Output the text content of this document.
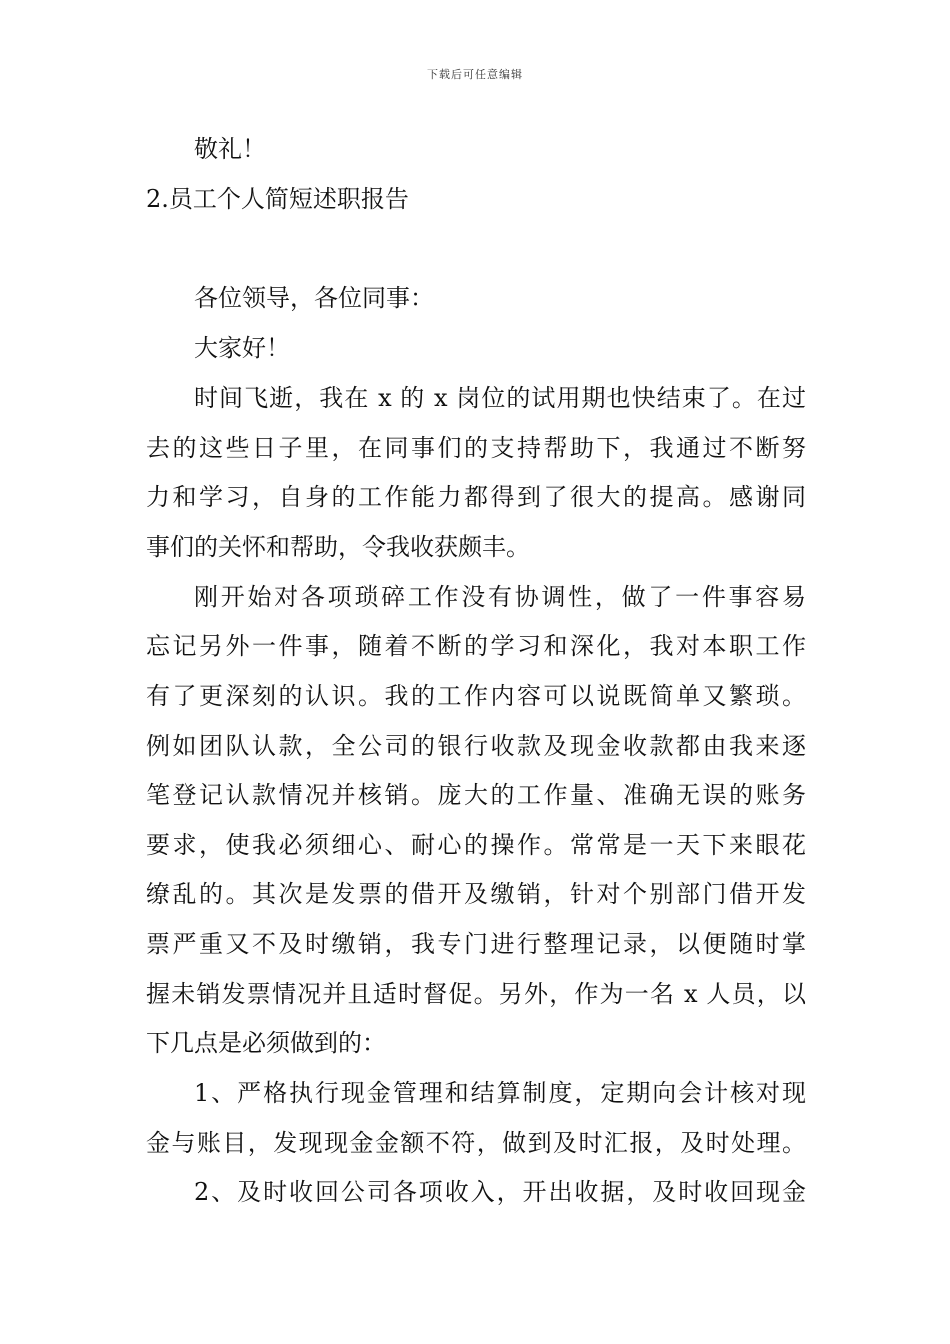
下载后可任意编辑
敬礼！
2.员工个人简短述职报告
各位领导，各位同事：
大家好！
时间飞逝，我在 x 的 x 岗位的试用期也快结束了。在过
去的这些日子里，在同事们的支持帮助下，我通过不断努
力和学习，自身的工作能力都得到了很大的提高。感谢同
事们的关怀和帮助，令我收获颇丰。
刚开始对各项琐碎工作没有协调性，做了一件事容易
忘记另外一件事，随着不断的学习和深化，我对本职工作
有了更深刻的认识。我的工作内容可以说既简单又繁琐。
例如团队认款，全公司的银行收款及现金收款都由我来逐
笔登记认款情况并核销。庞大的工作量、准确无误的账务
要求，使我必须细心、耐心的操作。常常是一天下来眼花
缭乱的。其次是发票的借开及缴销，针对个别部门借开发
票严重又不及时缴销，我专门进行整理记录，以便随时掌
握未销发票情况并且适时督促。另外，作为一名 x 人员，以
下几点是必须做到的：
1、严格执行现金管理和结算制度，定期向会计核对现
金与账目，发现现金金额不符，做到及时汇报，及时处理。
2、及时收回公司各项收入，开出收据，及时收回现金
